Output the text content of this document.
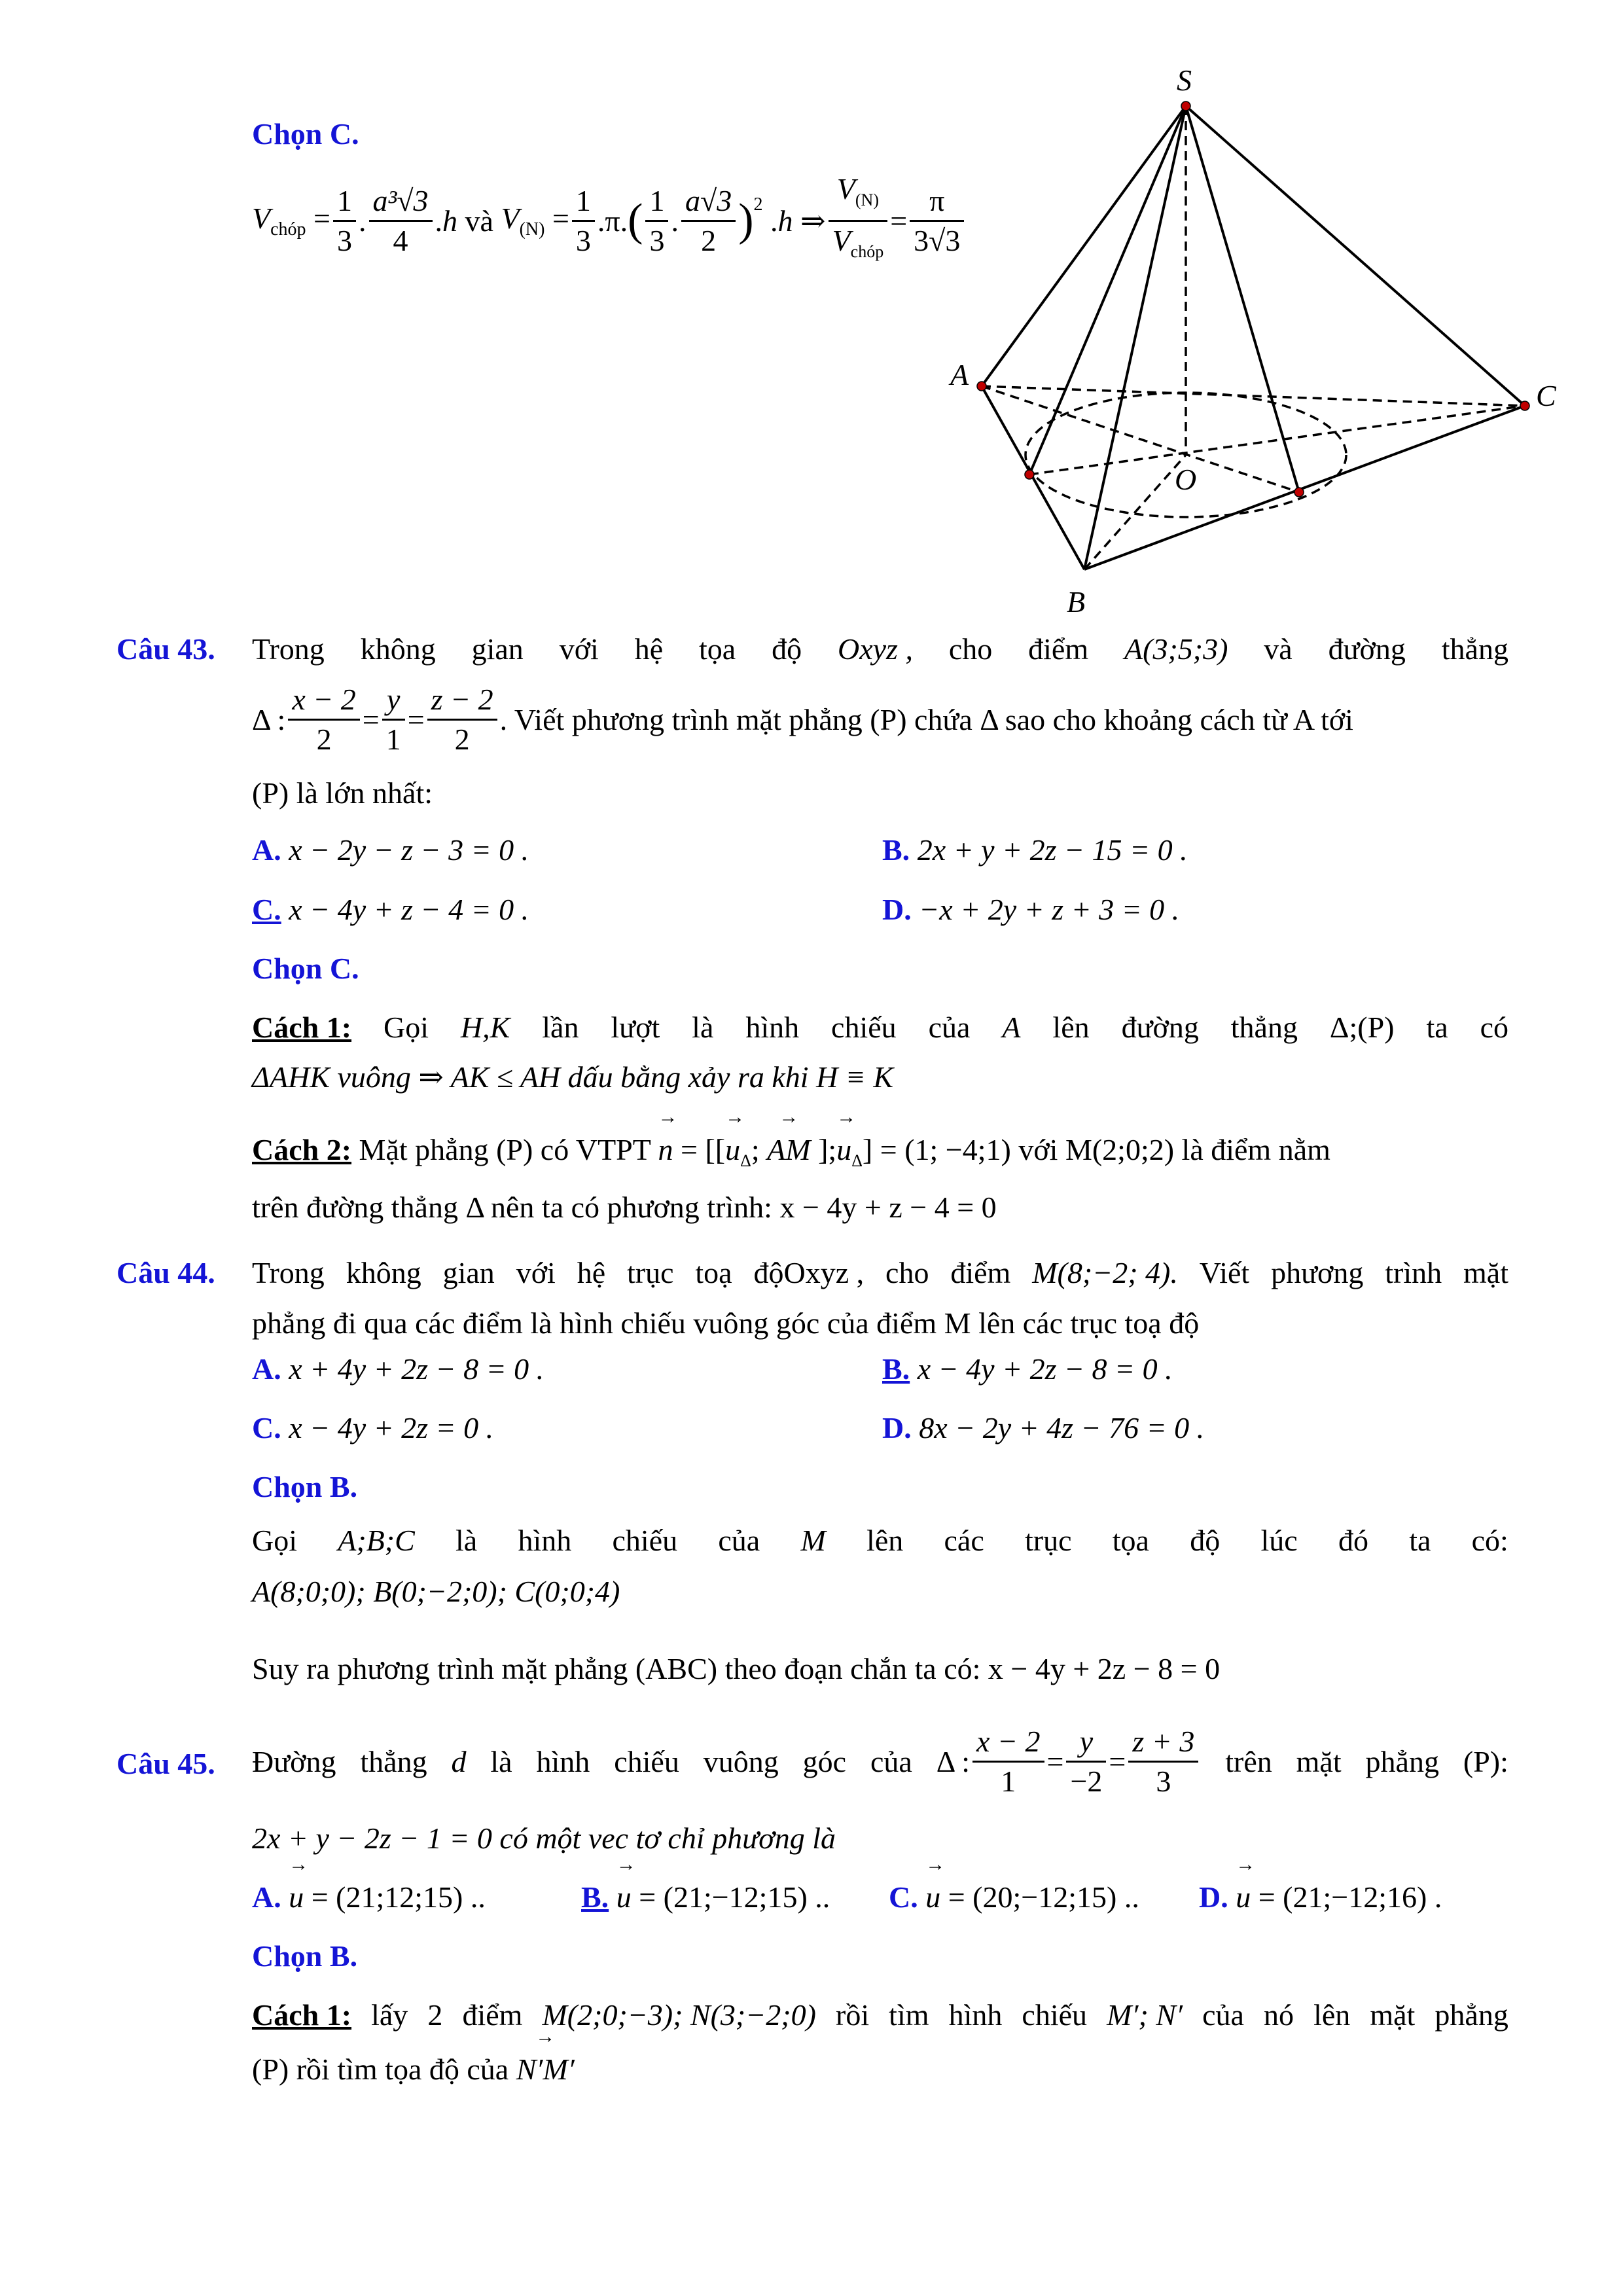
Chọn C.
$V_{chóp} = \frac{1}{3}$ . $\frac{\text{a³√3}}{4} .h$ và $V_{(N)} = \frac{1}{3}$ . π . ( $\frac{1}{3}$ . $\frac{a√3}{2} )^2$ .h ⇒ $\frac{V_{(N)}}{V_{chóp}} = \frac{\pi}{3√3}$
S
A
C
O
B
Câu 43. Trong không gian với hệ tọa độ Oxyz , cho điểm A(3;5;3) và đường thẳng
Δ : $\frac{x - 2}{2} = \frac{y}{1} = \frac{z - 2}{2}$ . Viết phương trình mặt phẳng (P) chứa Δ sao cho khoảng cách từ A tới
(P) là lớn nhất:
A. x − 2y − z − 3 = 0 .	B. 2x + y + 2z − 15 = 0 .
C. x − 4y + z − 4 = 0 .	D. −x + 2y + z + 3 = 0 .
Chọn C.
Cách 1: Gọi H,K lần lượt là hình chiếu của A lên đường thẳng Δ;(P) ta có
ΔAHK vuông ⇒ AK ≤ AH dấu bằng xảy ra khi H ≡ K
Cách 2: Mặt phẳng (P) có VTPT → n = [[→ $u_\Delta$; → AM ];→ $u_\Delta] = (1$; −4;1) với M(2;0;2) là điểm nằm
trên đường thẳng Δ nên ta có phương trình: x − 4y + z − 4 = 0
Câu 44. Trong không gian với hệ trục toạ độOxyz , cho điểm M(8;−2; 4). Viết phương trình mặt
phẳng đi qua các điểm là hình chiếu vuông góc của điểm M lên các trục toạ độ
A. x + 4y + 2z − 8 = 0 .	B. x − 4y + 2z − 8 = 0 .
C. x − 4y + 2z = 0 .	D. 8x − 2y + 4z − 76 = 0 .
Chọn B.
Gọi A;B;C là hình chiếu của M lên các trục tọa độ lúc đó ta có:
A(8;0;0); B(0;−2;0); C(0;0;4)
Suy ra phương trình mặt phẳng (ABC) theo đoạn chắn ta có: x − 4y + 2z − 8 = 0
Câu 45. Đường thẳng d là hình chiếu vuông góc của Δ : $\frac{x - 2}{1} = \frac{y}{-2} = \frac{z + 3}{3}$ trên mặt phẳng (P):
2x + y − 2z − 1 = 0 có một vec tơ chỉ phương là
A. → u = (21;12;15) ..	B. → u = (21;−12;15) .. C. → u = (20;−12;15) .. D. → u = (21;−12;16) .
Chọn B.
Cách 1: lấy 2 điểm M(2;0;−3); N(3;−2;0) rồi tìm hình chiếu M′; N′ của nó lên mặt phẳng
(P) rồi tìm tọa độ của → N′M′
